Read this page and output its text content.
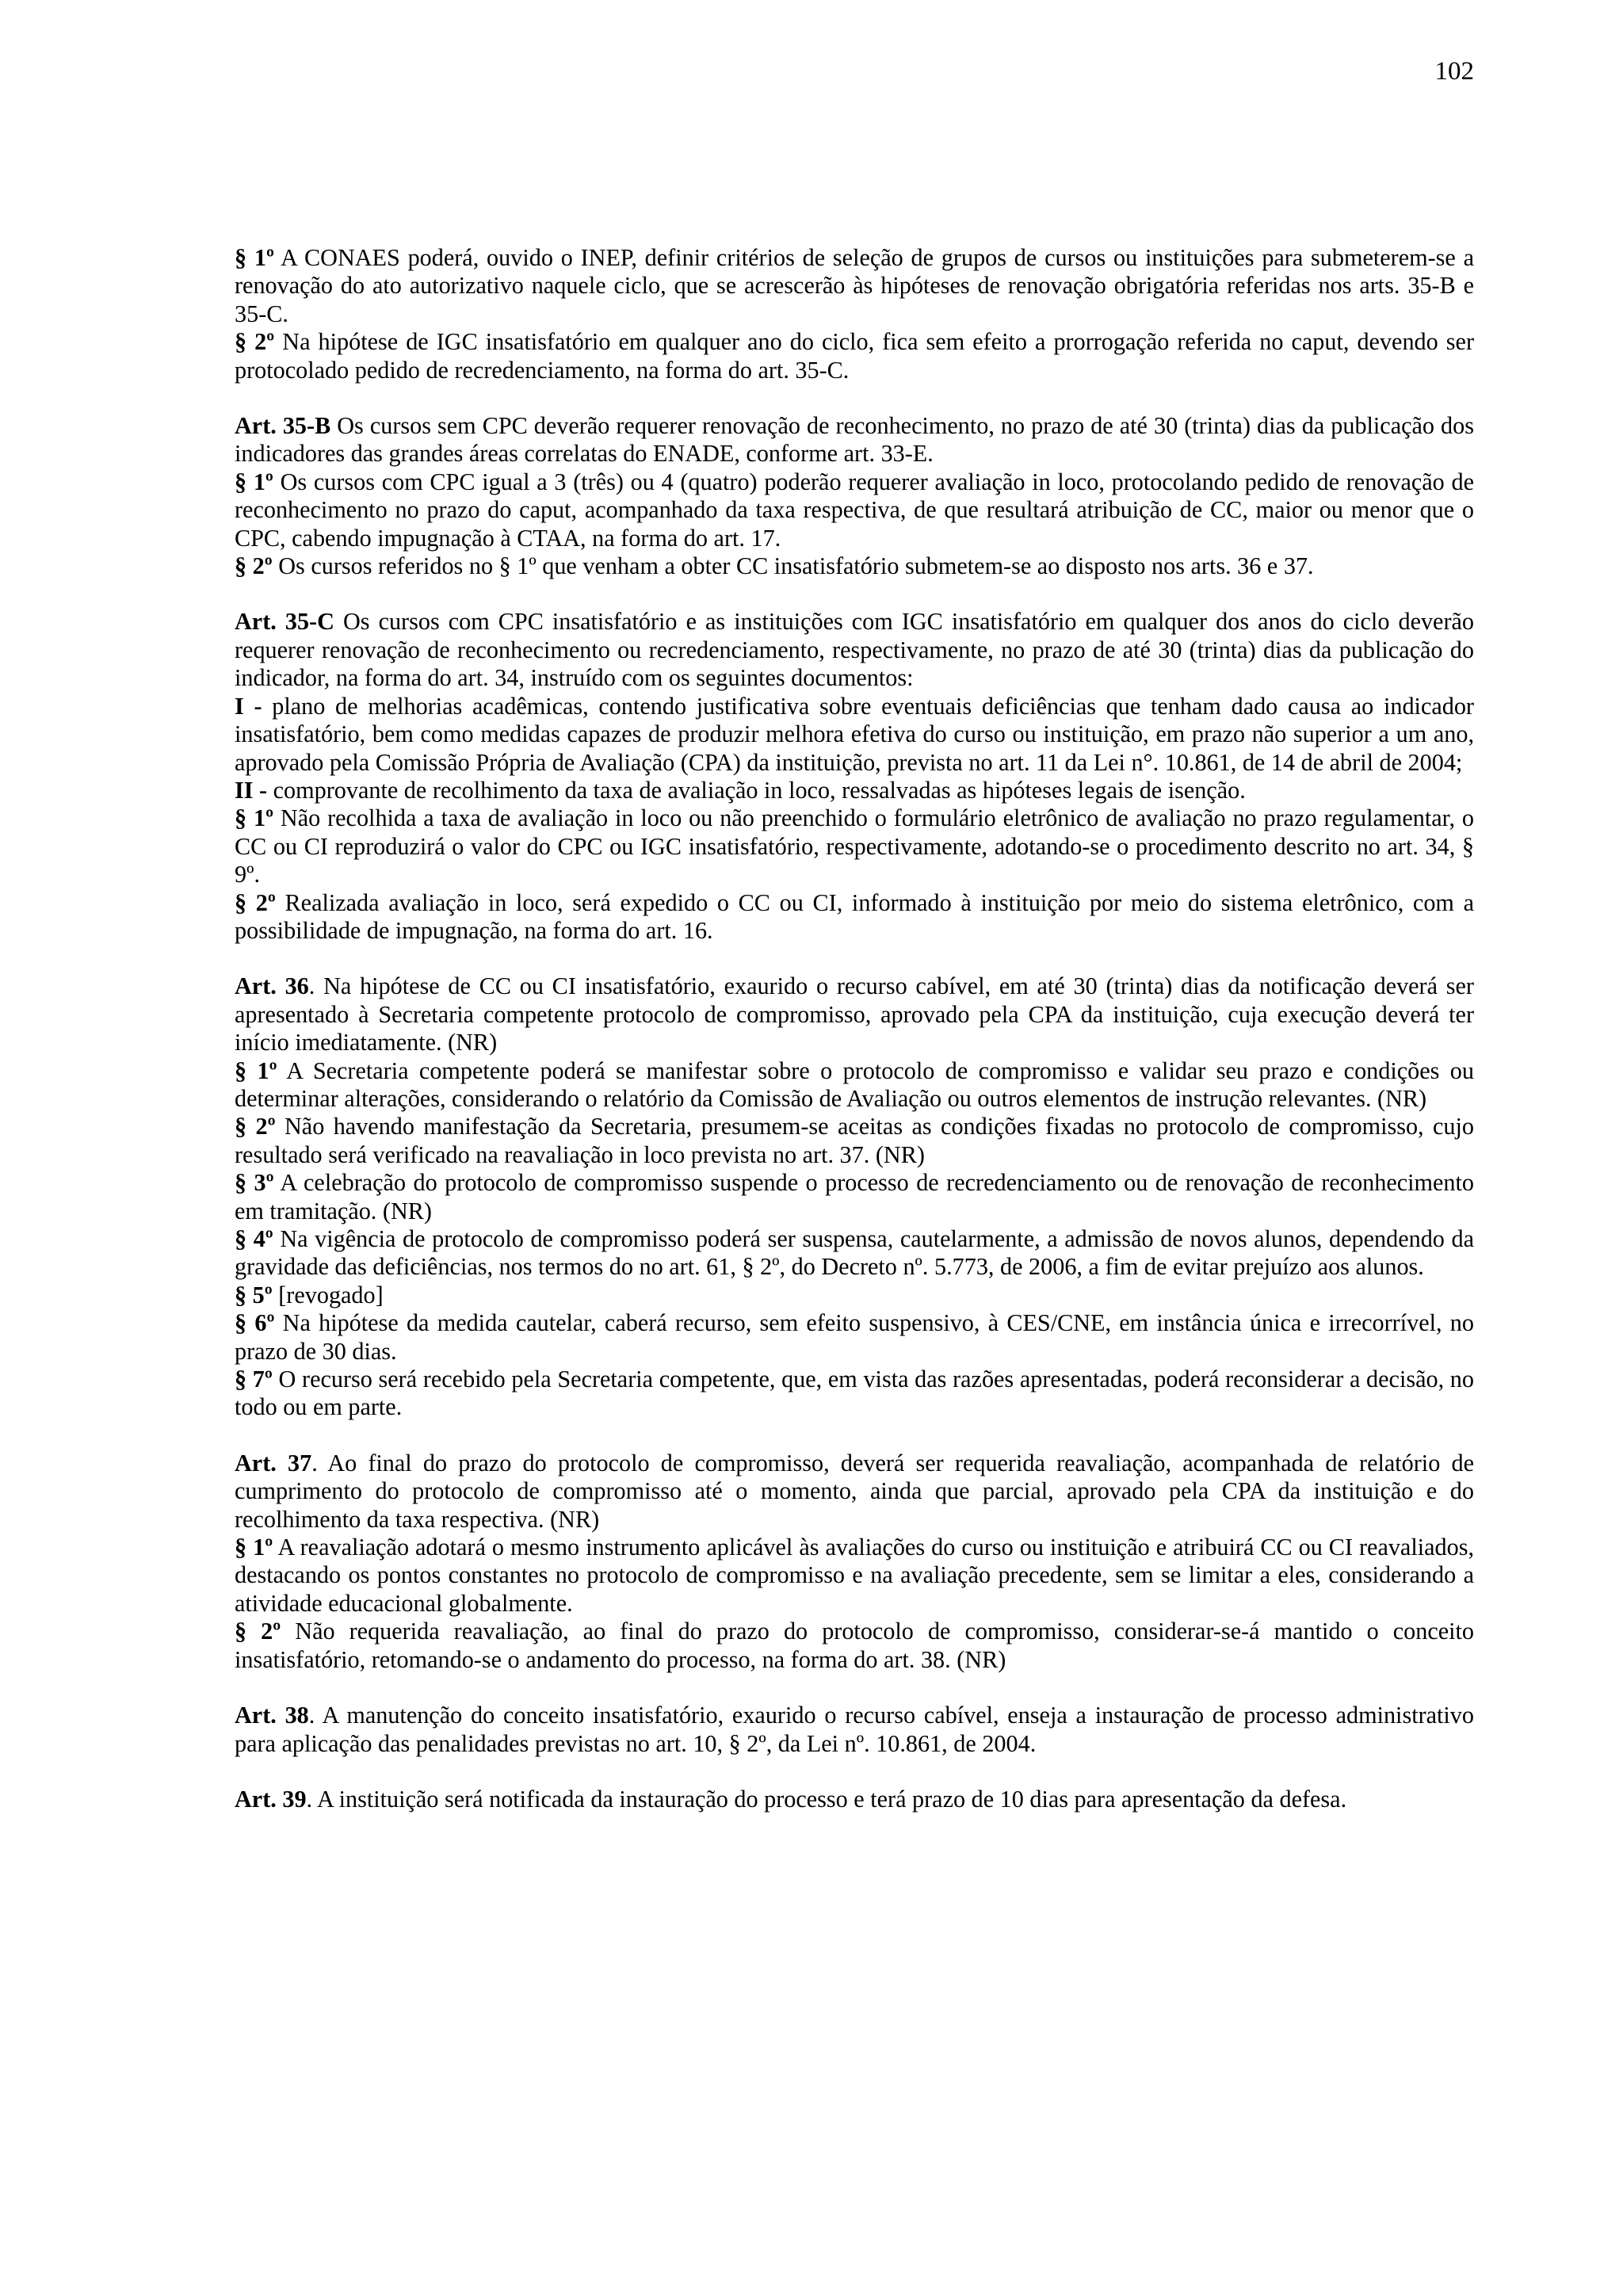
102

§ 1º A CONAES poderá, ouvido o INEP, definir critérios de seleção de grupos de cursos ou instituições para submeterem-se a renovação do ato autorizativo naquele ciclo, que se acrescerão às hipóteses de renovação obrigatória referidas nos arts. 35-B e 35-C.

§ 2º Na hipótese de IGC insatisfatório em qualquer ano do ciclo, fica sem efeito a prorrogação referida no caput, devendo ser protocolado pedido de recredenciamento, na forma do art. 35-C.

Art. 35-B Os cursos sem CPC deverão requerer renovação de reconhecimento, no prazo de até 30 (trinta) dias da publicação dos indicadores das grandes áreas correlatas do ENADE, conforme art. 33-E.

§ 1º Os cursos com CPC igual a 3 (três) ou 4 (quatro) poderão requerer avaliação in loco, protocolando pedido de renovação de reconhecimento no prazo do caput, acompanhado da taxa respectiva, de que resultará atribuição de CC, maior ou menor que o CPC, cabendo impugnação à CTAA, na forma do art. 17.

§ 2º Os cursos referidos no § 1º que venham a obter CC insatisfatório submetem-se ao disposto nos arts. 36 e 37.

Art. 35-C Os cursos com CPC insatisfatório e as instituições com IGC insatisfatório em qualquer dos anos do ciclo deverão requerer renovação de reconhecimento ou recredenciamento, respectivamente, no prazo de até 30 (trinta) dias da publicação do indicador, na forma do art. 34, instruído com os seguintes documentos:

I - plano de melhorias acadêmicas, contendo justificativa sobre eventuais deficiências que tenham dado causa ao indicador insatisfatório, bem como medidas capazes de produzir melhora efetiva do curso ou instituição, em prazo não superior a um ano, aprovado pela Comissão Própria de Avaliação (CPA) da instituição, prevista no art. 11 da Lei n°. 10.861, de 14 de abril de 2004;

II - comprovante de recolhimento da taxa de avaliação in loco, ressalvadas as hipóteses legais de isenção.

§ 1º Não recolhida a taxa de avaliação in loco ou não preenchido o formulário eletrônico de avaliação no prazo regulamentar, o CC ou CI reproduzirá o valor do CPC ou IGC insatisfatório, respectivamente, adotando-se o procedimento descrito no art. 34, § 9º.

§ 2º Realizada avaliação in loco, será expedido o CC ou CI, informado à instituição por meio do sistema eletrônico, com a possibilidade de impugnação, na forma do art. 16.

Art. 36. Na hipótese de CC ou CI insatisfatório, exaurido o recurso cabível, em até 30 (trinta) dias da notificação deverá ser apresentado à Secretaria competente protocolo de compromisso, aprovado pela CPA da instituição, cuja execução deverá ter início imediatamente. (NR)

§ 1º A Secretaria competente poderá se manifestar sobre o protocolo de compromisso e validar seu prazo e condições ou determinar alterações, considerando o relatório da Comissão de Avaliação ou outros elementos de instrução relevantes. (NR)

§ 2º Não havendo manifestação da Secretaria, presumem-se aceitas as condições fixadas no protocolo de compromisso, cujo resultado será verificado na reavaliação in loco prevista no art. 37. (NR)

§ 3º A celebração do protocolo de compromisso suspende o processo de recredenciamento ou de renovação de reconhecimento em tramitação. (NR)

§ 4º Na vigência de protocolo de compromisso poderá ser suspensa, cautelarmente, a admissão de novos alunos, dependendo da gravidade das deficiências, nos termos do no art. 61, § 2º, do Decreto nº. 5.773, de 2006, a fim de evitar prejuízo aos alunos.

§ 5º [revogado]

§ 6º Na hipótese da medida cautelar, caberá recurso, sem efeito suspensivo, à CES/CNE, em instância única e irrecorrível, no prazo de 30 dias.

§ 7º O recurso será recebido pela Secretaria competente, que, em vista das razões apresentadas, poderá reconsiderar a decisão, no todo ou em parte.

Art. 37. Ao final do prazo do protocolo de compromisso, deverá ser requerida reavaliação, acompanhada de relatório de cumprimento do protocolo de compromisso até o momento, ainda que parcial, aprovado pela CPA da instituição e do recolhimento da taxa respectiva. (NR)

§ 1º A reavaliação adotará o mesmo instrumento aplicável às avaliações do curso ou instituição e atribuirá CC ou CI reavaliados, destacando os pontos constantes no protocolo de compromisso e na avaliação precedente, sem se limitar a eles, considerando a atividade educacional globalmente.

§ 2º Não requerida reavaliação, ao final do prazo do protocolo de compromisso, considerar-se-á mantido o conceito insatisfatório, retomando-se o andamento do processo, na forma do art. 38. (NR)

Art. 38. A manutenção do conceito insatisfatório, exaurido o recurso cabível, enseja a instauração de processo administrativo para aplicação das penalidades previstas no art. 10, § 2º, da Lei nº. 10.861, de 2004.

Art. 39. A instituição será notificada da instauração do processo e terá prazo de 10 dias para apresentação da defesa.
